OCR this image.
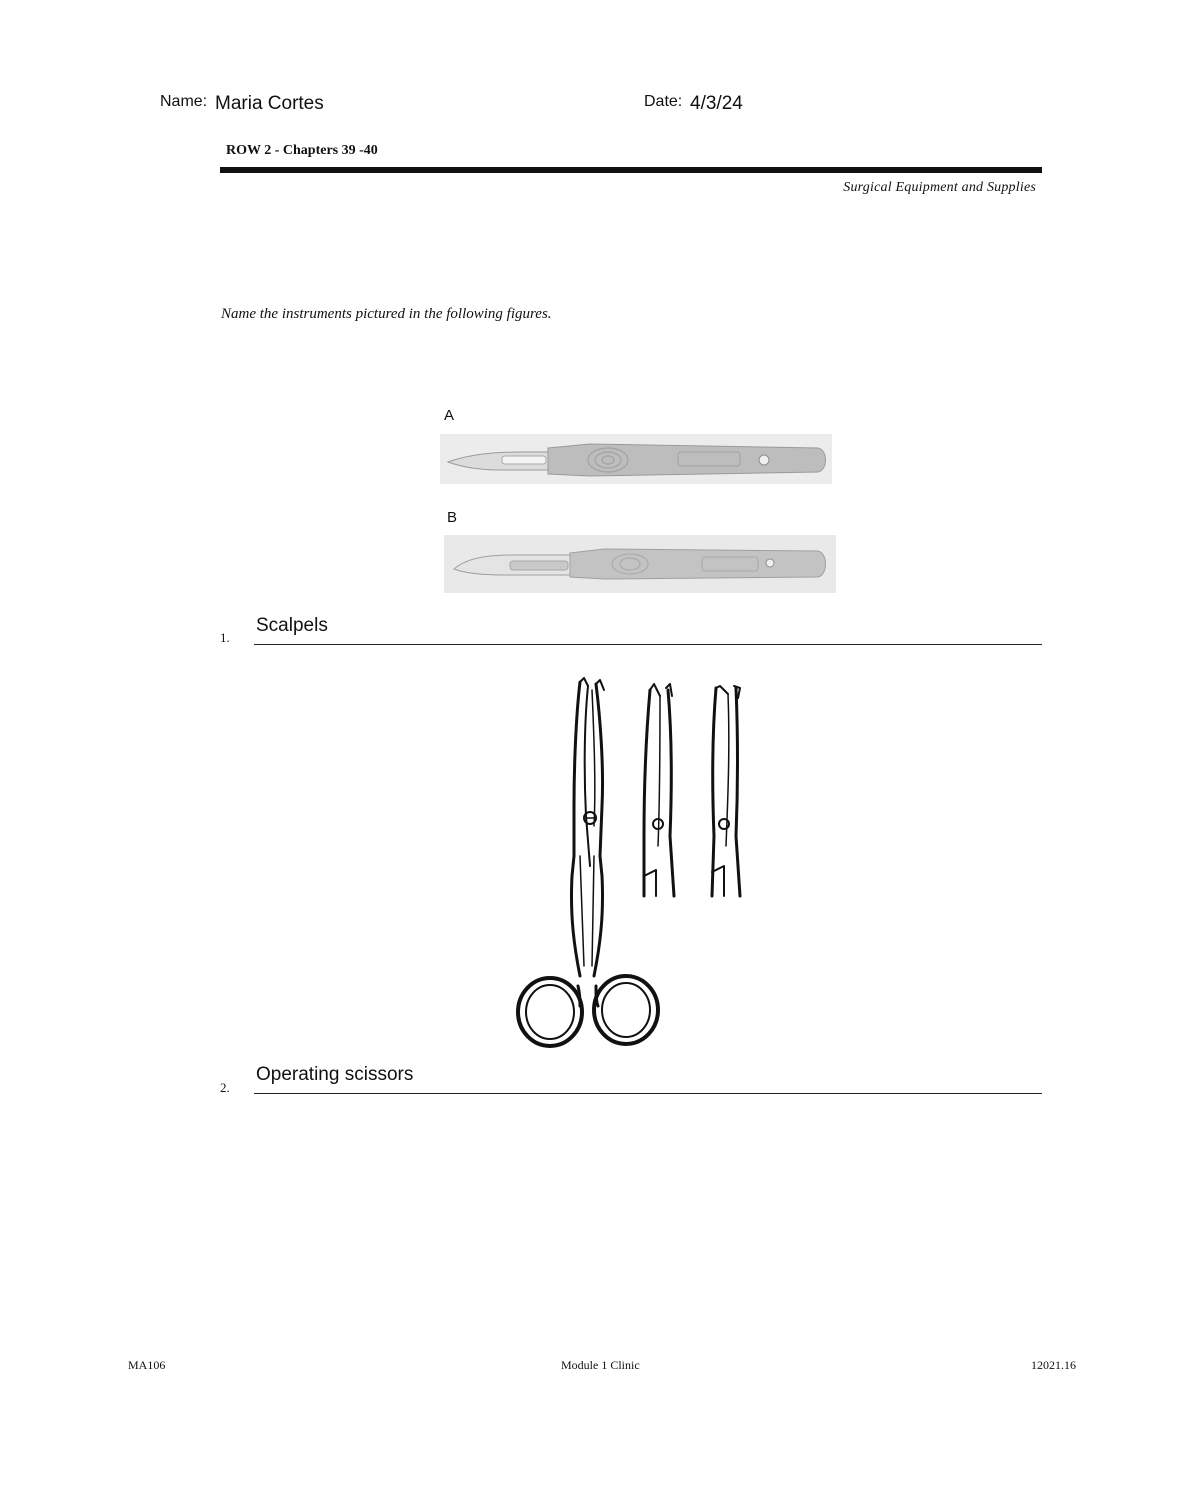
Name: Maria Cortes	Date: 4/3/24
ROW 2 - Chapters 39 -40
Surgical Equipment and Supplies
Name the instruments pictured in the following figures.
A
B
1.
Scalpels
2.
Operating scissors
MA106	Module 1 Clinic	12021.16
